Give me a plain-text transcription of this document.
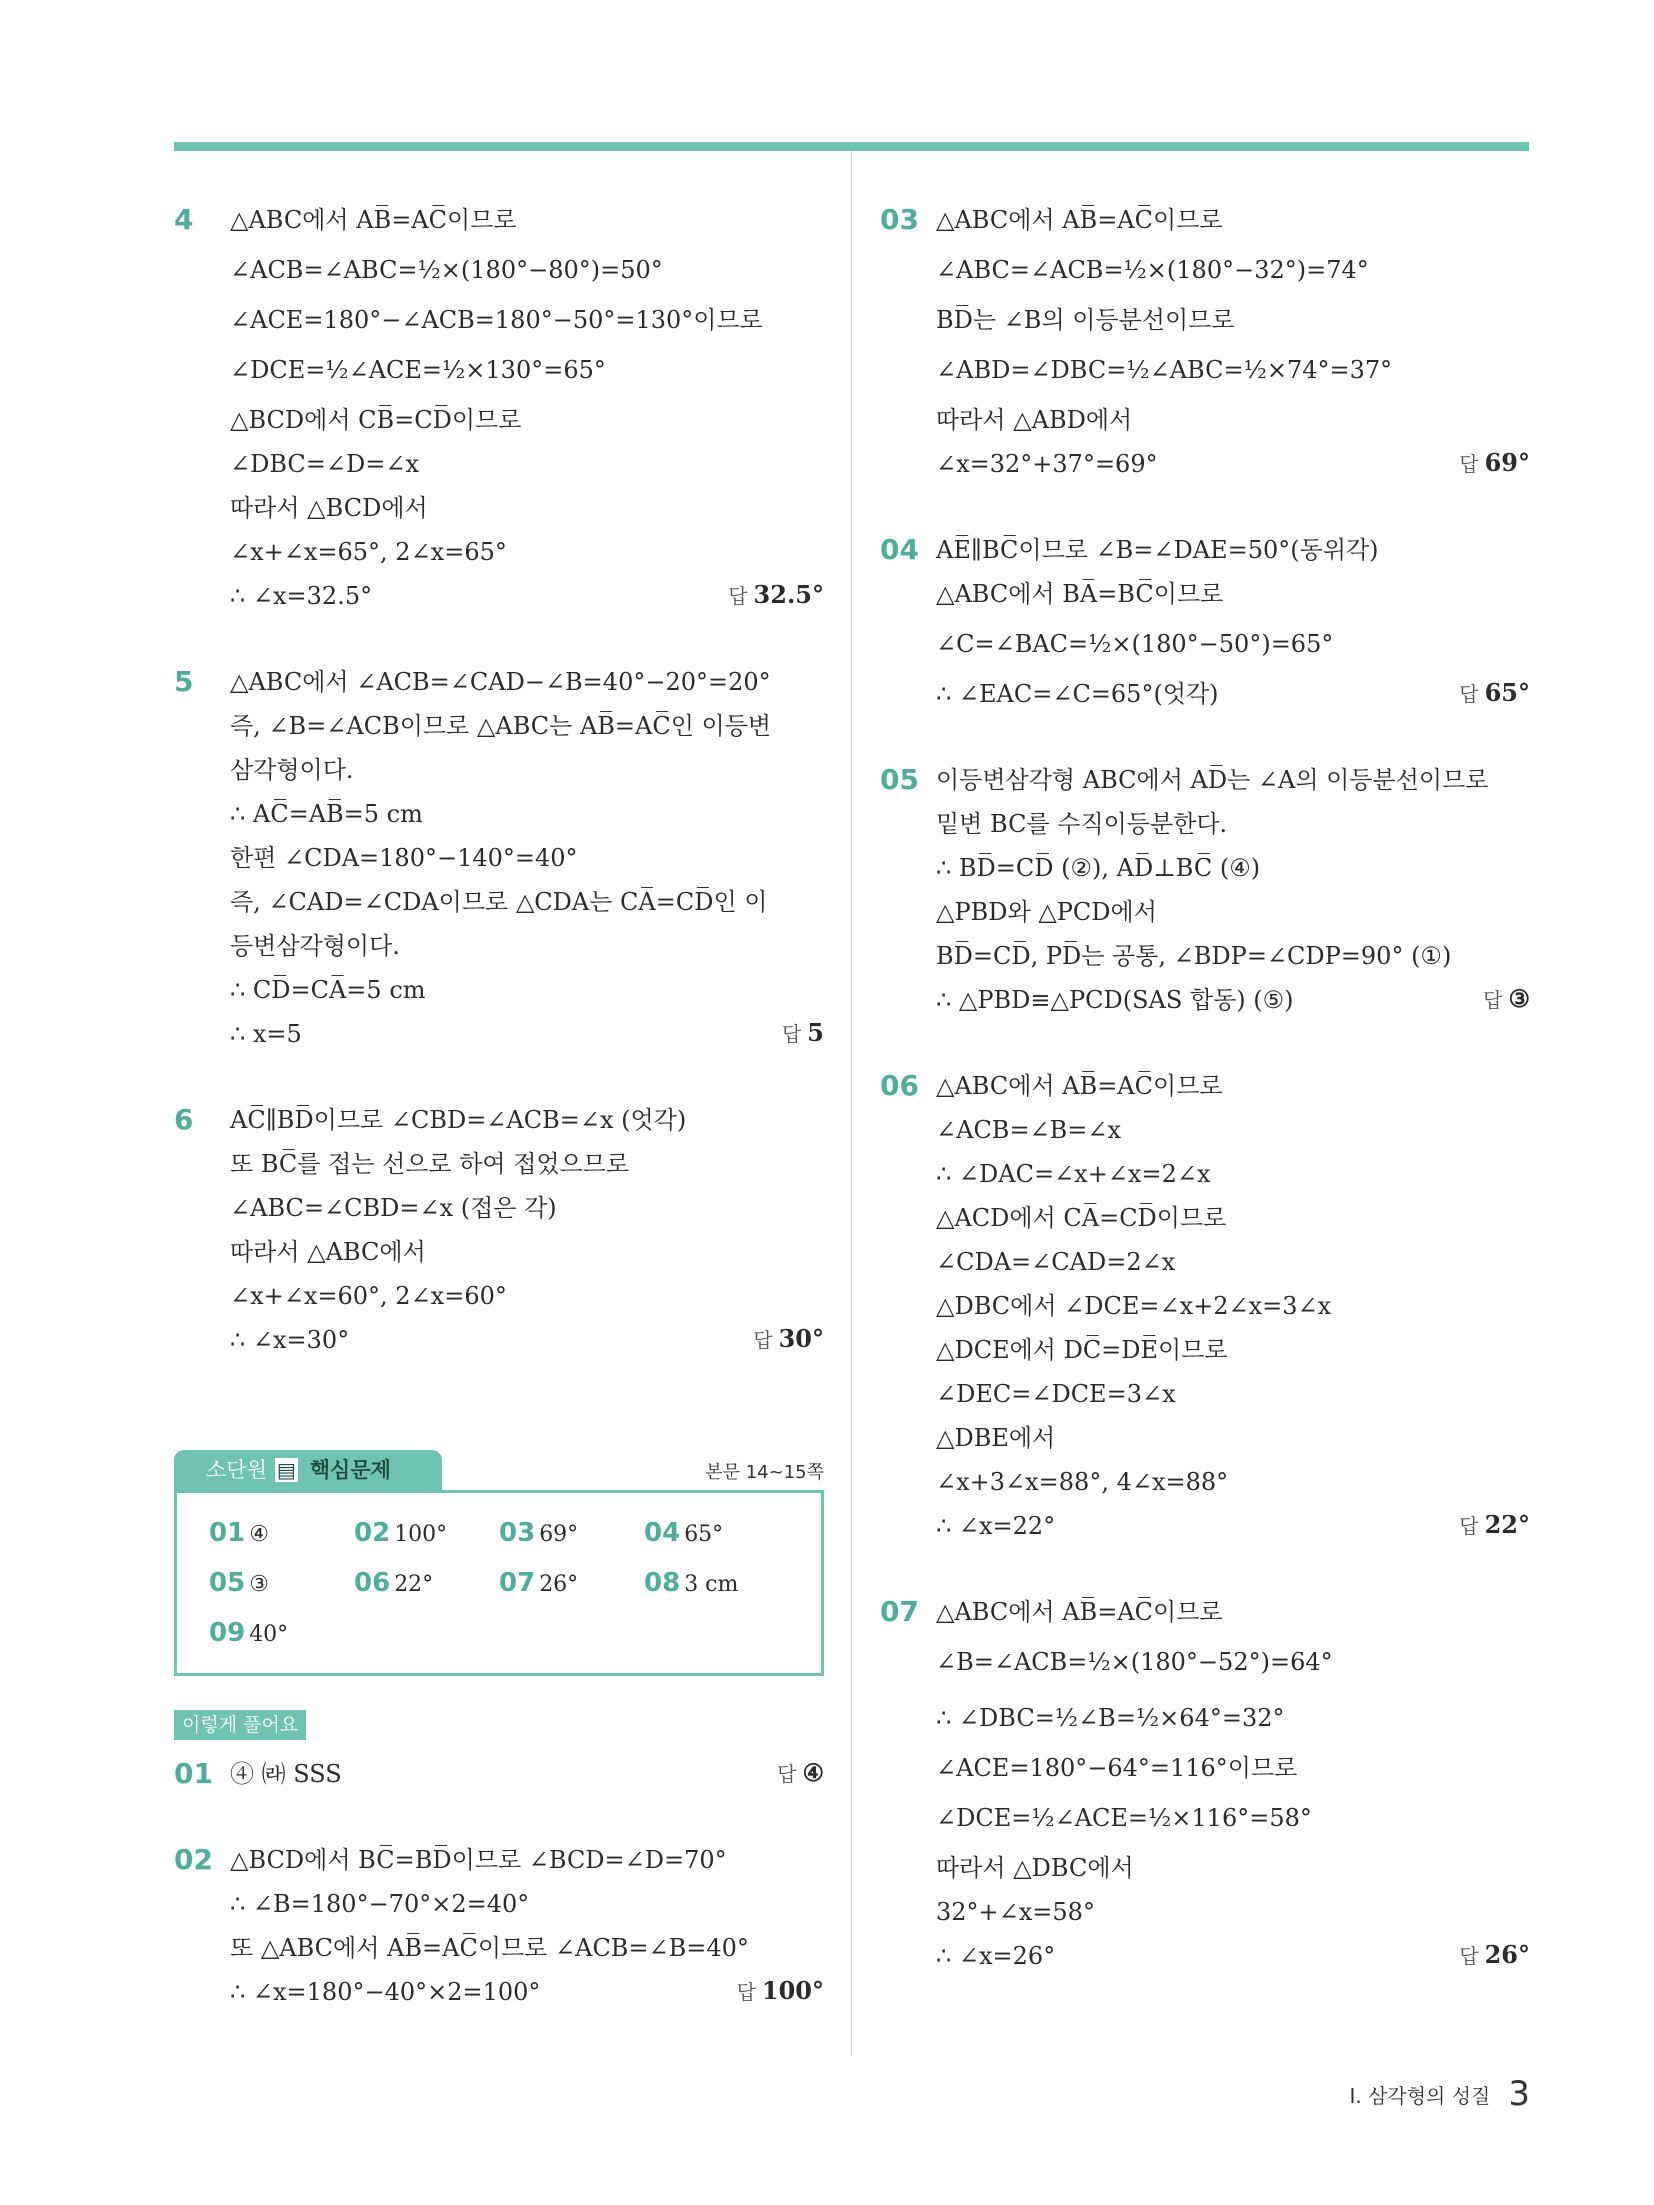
4 △ABC에서 AB̅=AC̅이므로
∠ACB=∠ABC=½×(180°−80°)=50°
∠ACE=180°−∠ACB=180°−50°=130°이므로
∠DCE=½∠ACE=½×130°=65°
△BCD에서 CB̅=CD̅이므로
∠DBC=∠D=∠x
따라서 △BCD에서
∠x+∠x=65°, 2∠x=65°
∴ ∠x=32.5°	답 32.5°
5 △ABC에서 ∠ACB=∠CAD−∠B=40°−20°=20°
즉, ∠B=∠ACB이므로 △ABC는 AB̅=AC̅인 이등변
삼각형이다.
∴ AC̅=AB̅=5 cm
한편 ∠CDA=180°−140°=40°
즉, ∠CAD=∠CDA이므로 △CDA는 CA̅=CD̅인 이
등변삼각형이다.
∴ CD̅=CA̅=5 cm
∴ x=5	답 5
6 AC̅∥BD̅이므로 ∠CBD=∠ACB=∠x (엇각)
또 BC̅를 접는 선으로 하여 접었으므로
∠ABC=∠CBD=∠x (접은 각)
따라서 △ABC에서
∠x+∠x=60°, 2∠x=60°
∴ ∠x=30°	답 30°
소단원 ▤ 핵심문제	본문 14~15쪽
01 ④	02 100°	03 69°	04 65°
05 ③	06 22°	07 26°	08 3 cm
09 40°
이렇게 풀어요
01 ④ ㈑ SSS	답 ④
02 △BCD에서 BC̅=BD̅이므로 ∠BCD=∠D=70°
∴ ∠B=180°−70°×2=40°
또 △ABC에서 AB̅=AC̅이므로 ∠ACB=∠B=40°
∴ ∠x=180°−40°×2=100°	답 100°
03 △ABC에서 AB̅=AC̅이므로
∠ABC=∠ACB=½×(180°−32°)=74°
BD̅는 ∠B의 이등분선이므로
∠ABD=∠DBC=½∠ABC=½×74°=37°
따라서 △ABD에서
∠x=32°+37°=69°	답 69°
04 AE̅∥BC̅이므로 ∠B=∠DAE=50°(동위각)
△ABC에서 BA̅=BC̅이므로
∠C=∠BAC=½×(180°−50°)=65°
∴ ∠EAC=∠C=65°(엇각)	답 65°
05 이등변삼각형 ABC에서 AD̅는 ∠A의 이등분선이므로
밑변 BC를 수직이등분한다.
∴ BD̅=CD̅ (②), AD̅⊥BC̅ (④)
△PBD와 △PCD에서
BD̅=CD̅, PD̅는 공통, ∠BDP=∠CDP=90° (①)
∴ △PBD≡△PCD(SAS 합동) (⑤)	답 ③
06 △ABC에서 AB̅=AC̅이므로
∠ACB=∠B=∠x
∴ ∠DAC=∠x+∠x=2∠x
△ACD에서 CA̅=CD̅이므로
∠CDA=∠CAD=2∠x
△DBC에서 ∠DCE=∠x+2∠x=3∠x
△DCE에서 DC̅=DE̅이므로
∠DEC=∠DCE=3∠x
△DBE에서
∠x+3∠x=88°, 4∠x=88°
∴ ∠x=22°	답 22°
07 △ABC에서 AB̅=AC̅이므로
∠B=∠ACB=½×(180°−52°)=64°
∴ ∠DBC=½∠B=½×64°=32°
∠ACE=180°−64°=116°이므로
∠DCE=½∠ACE=½×116°=58°
따라서 △DBC에서
32°+∠x=58°
∴ ∠x=26°	답 26°
I. 삼각형의 성질 3
